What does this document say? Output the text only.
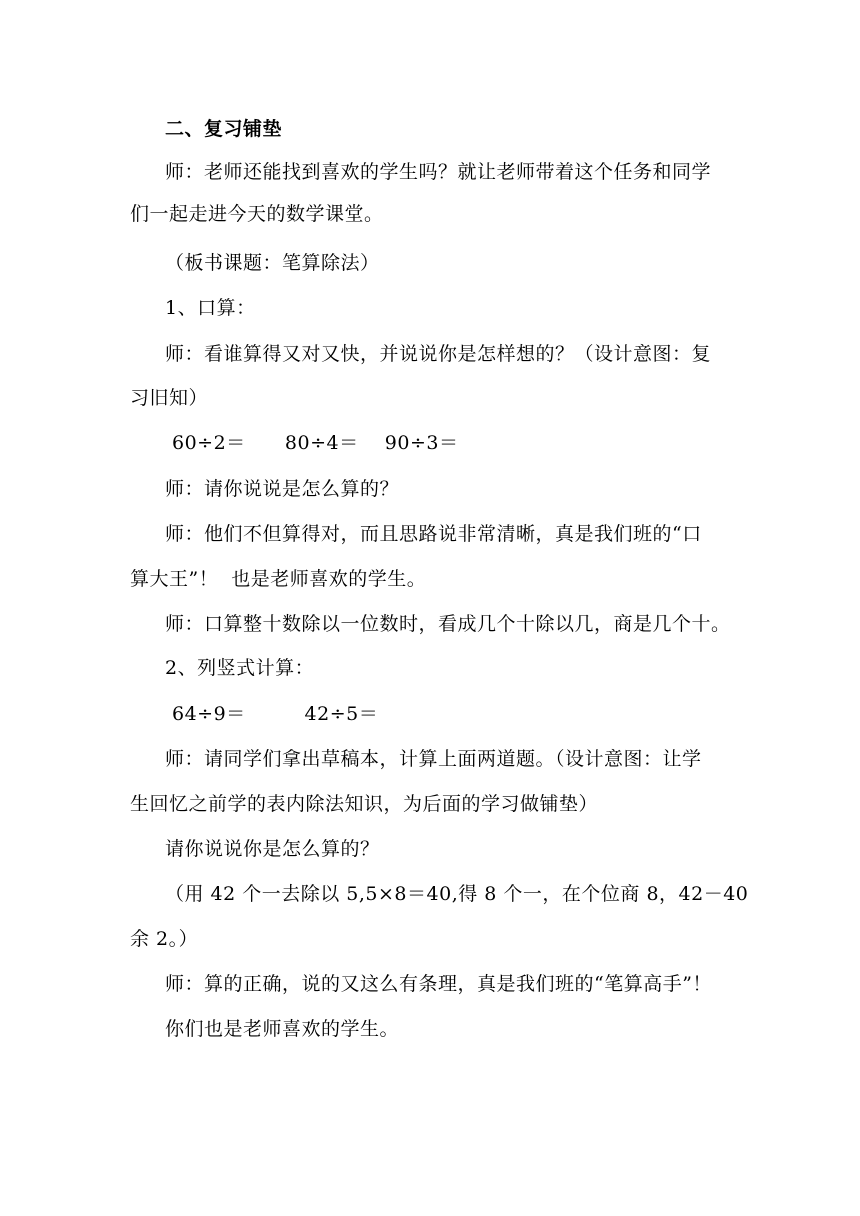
二、复习铺垫
师：老师还能找到喜欢的学生吗？就让老师带着这个任务和同学
们一起走进今天的数学课堂。
（板书课题：笔算除法）
1、口算：
师：看谁算得又对又快，并说说你是怎样想的？（设计意图：复
习旧知）
60÷2＝      80÷4＝    90÷3＝
师：请你说说是怎么算的？
师：他们不但算得对，而且思路说非常清晰，真是我们班的“口
算大王”！  也是老师喜欢的学生。
师：口算整十数除以一位数时，看成几个十除以几，商是几个十。
2、列竖式计算：
64÷9＝         42÷5＝
师：请同学们拿出草稿本，计算上面两道题。（设计意图：让学
生回忆之前学的表内除法知识，为后面的学习做铺垫）
请你说说你是怎么算的？
（用 42 个一去除以 5,5×8＝40,得 8 个一，在个位商 8，42－40
余 2。）
师：算的正确，说的又这么有条理，真是我们班的“笔算高手”！
你们也是老师喜欢的学生。
